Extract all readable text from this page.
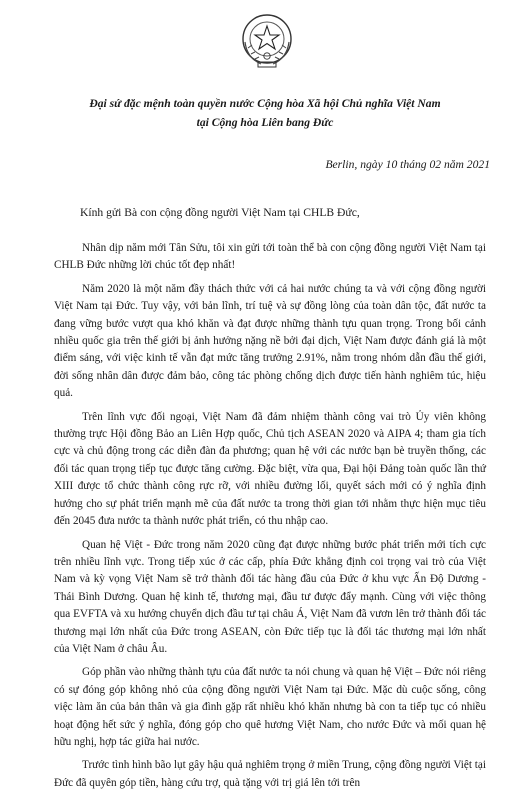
Đại sứ đặc mệnh toàn quyền nước Cộng hòa Xã hội Chủ nghĩa Việt Nam
tại Cộng hòa Liên bang Đức
Berlin, ngày 10 tháng 02 năm 2021
Kính gửi Bà con cộng đồng người Việt Nam tại CHLB Đức,

Nhân dịp năm mới Tân Sửu, tôi xin gửi tới toàn thể bà con cộng đồng người Việt Nam tại CHLB Đức những lời chúc tốt đẹp nhất!

Năm 2020 là một năm đầy thách thức với cả hai nước chúng ta và với cộng đồng người Việt Nam tại Đức. Tuy vậy, với bản lĩnh, trí tuệ và sự đồng lòng của toàn dân tộc, đất nước ta đang vững bước vượt qua khó khăn và đạt được những thành tựu quan trọng. Trong bối cảnh nhiều quốc gia trên thế giới bị ảnh hưởng nặng nề bởi đại dịch, Việt Nam được đánh giá là một điểm sáng, với việc kinh tế vẫn đạt mức tăng trưởng 2.91%, nằm trong nhóm dẫn đầu thế giới, đời sống nhân dân được đảm bảo, công tác phòng chống dịch được tiến hành nghiêm túc, hiệu quả.

Trên lĩnh vực đối ngoại, Việt Nam đã đảm nhiệm thành công vai trò Ủy viên không thường trực Hội đồng Bảo an Liên Hợp quốc, Chủ tịch ASEAN 2020 và AIPA 4; tham gia tích cực và chủ động trong các diễn đàn đa phương; quan hệ với các nước bạn bè truyền thống, các đối tác quan trọng tiếp tục được tăng cường. Đặc biệt, vừa qua, Đại hội Đảng toàn quốc lần thứ XIII được tổ chức thành công rực rỡ, với nhiều đường lối, quyết sách mới có ý nghĩa định hướng cho sự phát triển mạnh mẽ của đất nước ta trong thời gian tới nhằm thực hiện mục tiêu đến 2045 đưa nước ta thành nước phát triển, có thu nhập cao.

Quan hệ Việt - Đức trong năm 2020 cũng đạt được những bước phát triển mới tích cực trên nhiều lĩnh vực. Trong tiếp xúc ở các cấp, phía Đức khẳng định coi trọng vai trò của Việt Nam và kỳ vọng Việt Nam sẽ trở thành đối tác hàng đầu của Đức ở khu vực Ấn Độ Dương - Thái Bình Dương. Quan hệ kinh tế, thương mại, đầu tư được đẩy mạnh. Cùng với việc thông qua EVFTA và xu hướng chuyển dịch đầu tư tại châu Á, Việt Nam đã vươn lên trở thành đối tác thương mại lớn nhất của Đức trong ASEAN, còn Đức tiếp tục là đối tác thương mại lớn nhất của Việt Nam ở châu Âu.

Góp phần vào những thành tựu của đất nước ta nói chung và quan hệ Việt – Đức nói riêng có sự đóng góp không nhỏ của cộng đồng người Việt Nam tại Đức. Mặc dù cuộc sống, công việc làm ăn của bản thân và gia đình gặp rất nhiều khó khăn nhưng bà con ta tiếp tục có nhiều hoạt động hết sức ý nghĩa, đóng góp cho quê hương Việt Nam, cho nước Đức và mối quan hệ hữu nghị, hợp tác giữa hai nước.

Trước tình hình bão lụt gây hậu quả nghiêm trọng ở miền Trung, cộng đồng người Việt tại Đức đã quyên góp tiền, hàng cứu trợ, quà tặng với trị giá lên tới trên
